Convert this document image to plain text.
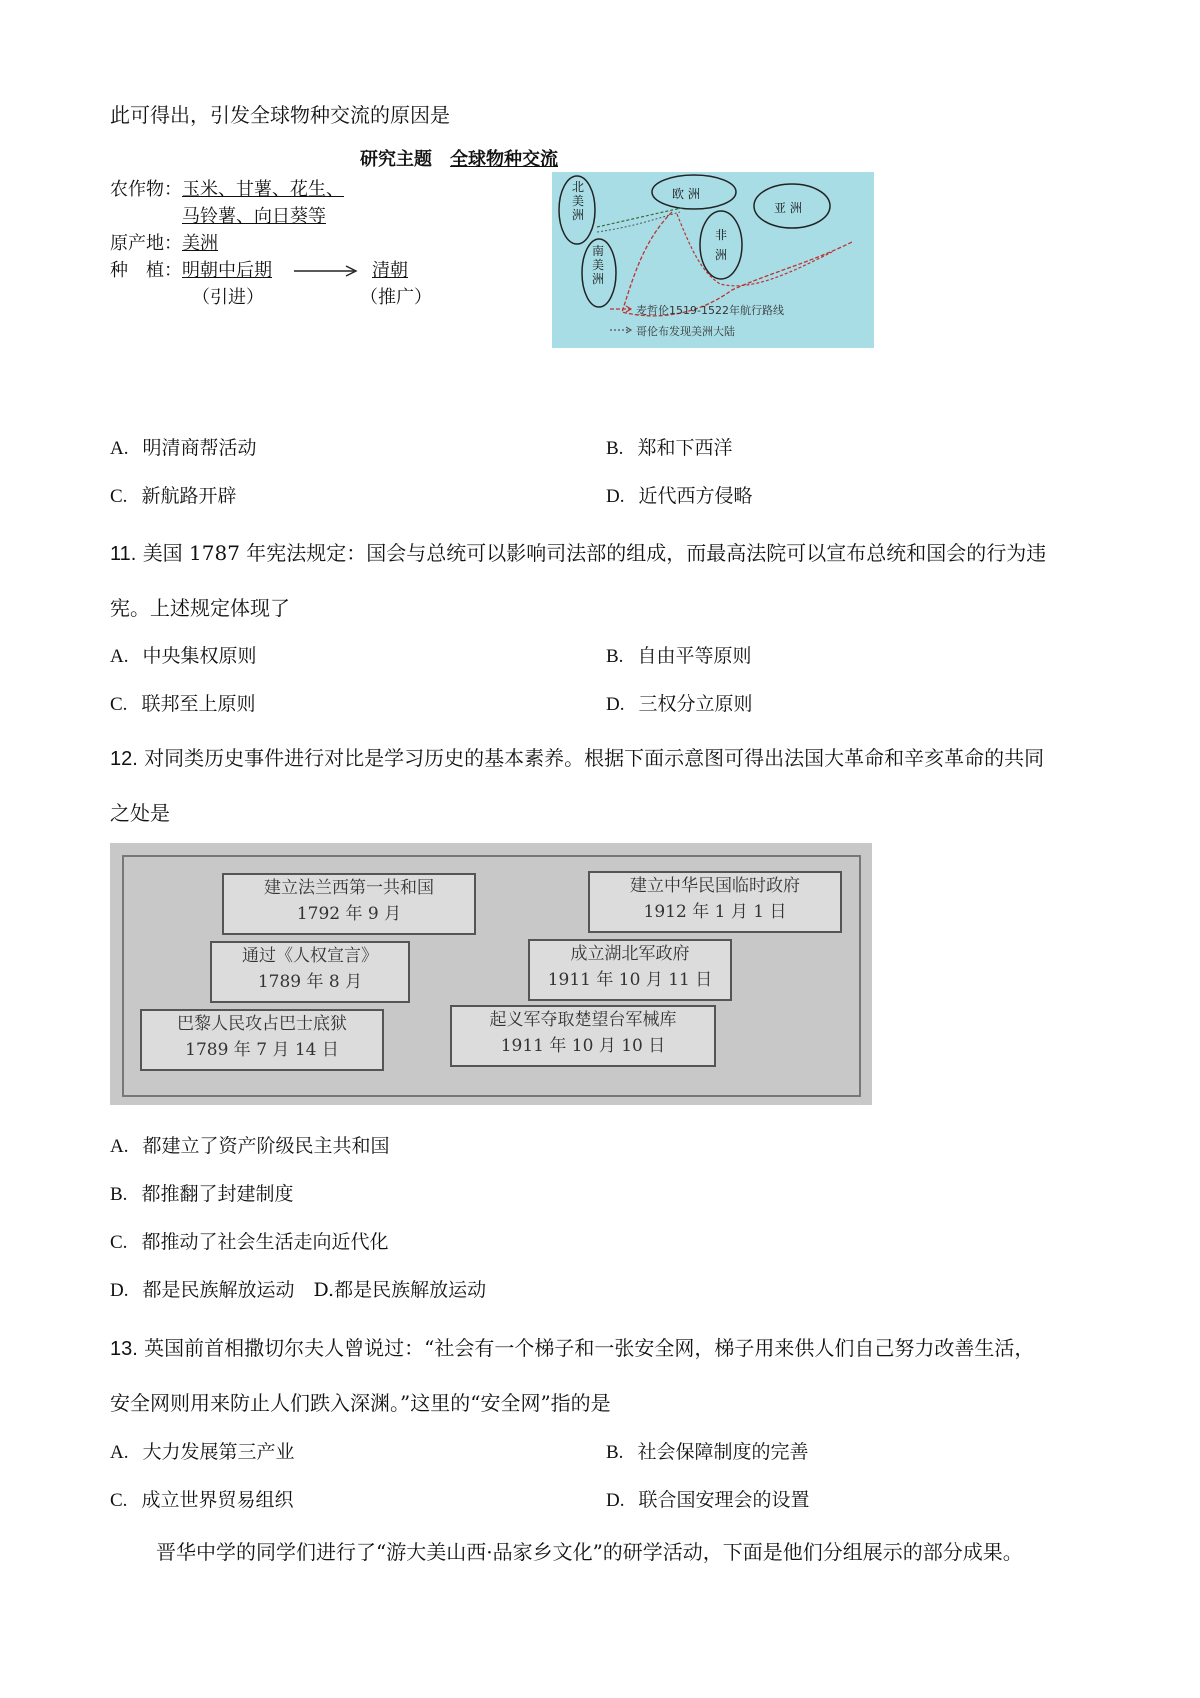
此可得出，引发全球物种交流的原因是
研究主题 全球物种交流
农作物：玉米、甘薯、花生、
马铃薯、向日葵等
原产地：美洲
种　植：明朝中后期	清朝
（引进）	（推广）
北美洲
南美洲
欧 洲
亚 洲
非洲
麦哲伦1519-1522年航行路线
哥伦布发现美洲大陆
A. 明清商帮活动	B. 郑和下西洋
C. 新航路开辟	D. 近代西方侵略
11. 美国 1787 年宪法规定：国会与总统可以影响司法部的组成，而最高法院可以宣布总统和国会的行为违
宪。上述规定体现了
A. 中央集权原则	B. 自由平等原则
C. 联邦至上原则	D. 三权分立原则
12. 对同类历史事件进行对比是学习历史的基本素养。根据下面示意图可得出法国大革命和辛亥革命的共同
之处是
建立法兰西第一共和国
1792 年 9 月
通过《人权宣言》
1789 年 8 月
巴黎人民攻占巴士底狱
1789 年 7 月 14 日
建立中华民国临时政府
1912 年 1 月 1 日
成立湖北军政府
1911 年 10 月 11 日
起义军夺取楚望台军械库
1911 年 10 月 10 日
A. 都建立了资产阶级民主共和国
B. 都推翻了封建制度
C. 都推动了社会生活走向近代化
D. 都是民族解放运动　D.都是民族解放运动
13. 英国前首相撒切尔夫人曾说过：“社会有一个梯子和一张安全网，梯子用来供人们自己努力改善生活，
安全网则用来防止人们跌入深渊。”这里的“安全网”指的是
A. 大力发展第三产业	B. 社会保障制度的完善
C. 成立世界贸易组织	D. 联合国安理会的设置
晋华中学的同学们进行了“游大美山西·品家乡文化”的研学活动，下面是他们分组展示的部分成果。
